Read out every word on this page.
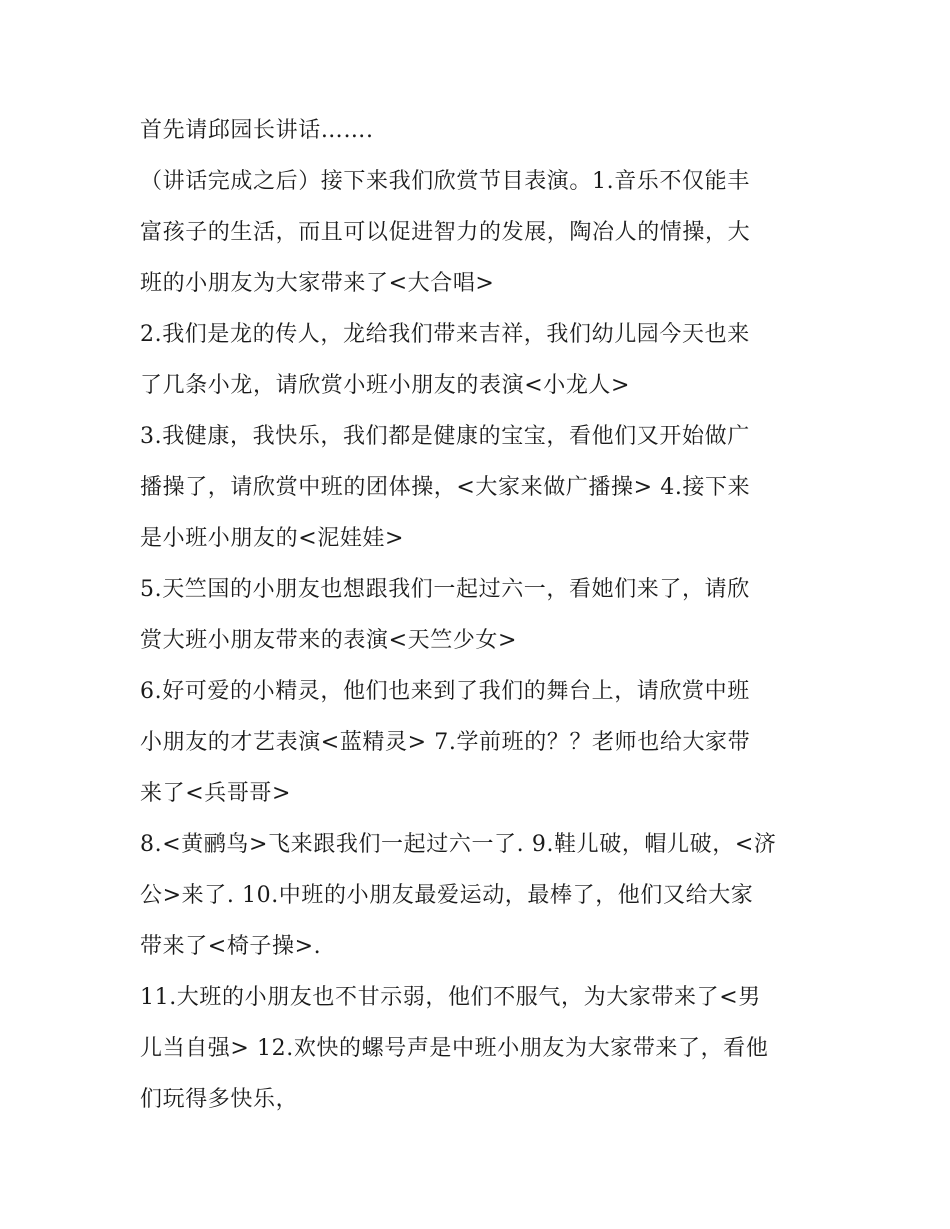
首先请邱园长讲话…….
（讲话完成之后）接下来我们欣赏节目表演。1.音乐不仅能丰
富孩子的生活，而且可以促进智力的发展，陶冶人的情操，大
班的小朋友为大家带来了<大合唱>
2.我们是龙的传人，龙给我们带来吉祥，我们幼儿园今天也来
了几条小龙，请欣赏小班小朋友的表演<小龙人>
3.我健康，我快乐，我们都是健康的宝宝，看他们又开始做广
播操了，请欣赏中班的团体操，<大家来做广播操> 4.接下来
是小班小朋友的<泥娃娃>
5.天竺国的小朋友也想跟我们一起过六一，看她们来了，请欣
赏大班小朋友带来的表演<天竺少女>
6.好可爱的小精灵，他们也来到了我们的舞台上，请欣赏中班
小朋友的才艺表演<蓝精灵> 7.学前班的？？老师也给大家带
来了<兵哥哥>
8.<黄鹂鸟>飞来跟我们一起过六一了. 9.鞋儿破，帽儿破，<济
公>来了. 10.中班的小朋友最爱运动，最棒了，他们又给大家
带来了<椅子操>.
11.大班的小朋友也不甘示弱，他们不服气，为大家带来了<男
儿当自强> 12.欢快的螺号声是中班小朋友为大家带来了，看他
们玩得多快乐，
